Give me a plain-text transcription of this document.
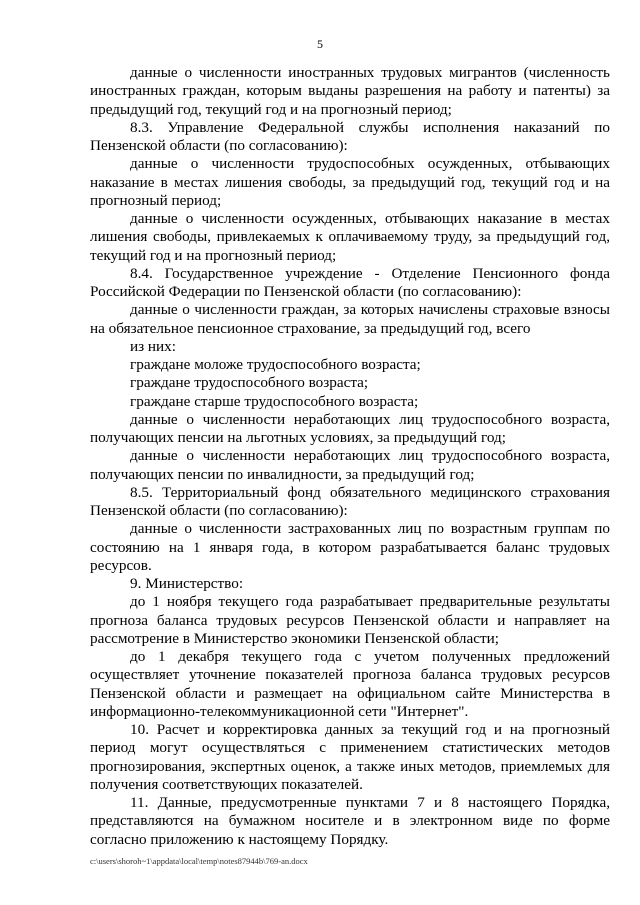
5

данные о численности иностранных трудовых мигрантов (численность иностранных граждан, которым выданы разрешения на работу и патенты) за предыдущий год, текущий год и на прогнозный период;

8.3. Управление Федеральной службы исполнения наказаний по Пензенской области (по согласованию):

данные о численности трудоспособных осужденных, отбывающих наказание в местах лишения свободы, за предыдущий год, текущий год и на прогнозный период;

данные о численности осужденных, отбывающих наказание в местах лишения свободы, привлекаемых к оплачиваемому труду, за предыдущий год, текущий год и на прогнозный период;

8.4. Государственное учреждение - Отделение Пенсионного фонда Российской Федерации по Пензенской области (по согласованию):

данные о численности граждан, за которых начислены страховые взносы на обязательное пенсионное страхование, за предыдущий год, всего

из них:

граждане моложе трудоспособного возраста;

граждане трудоспособного возраста;

граждане старше трудоспособного возраста;

данные о численности неработающих лиц трудоспособного возраста, получающих пенсии на льготных условиях, за предыдущий год;

данные о численности неработающих лиц трудоспособного возраста, получающих пенсии по инвалидности, за предыдущий год;

8.5. Территориальный фонд обязательного медицинского страхования Пензенской области (по согласованию):

данные о численности застрахованных лиц по возрастным группам по состоянию на 1 января года, в котором разрабатывается баланс трудовых ресурсов.

9. Министерство:

до 1 ноября текущего года разрабатывает предварительные результаты прогноза баланса трудовых ресурсов Пензенской области и направляет на рассмотрение в Министерство экономики Пензенской области;

до 1 декабря текущего года с учетом полученных предложений осуществляет уточнение показателей прогноза баланса трудовых ресурсов Пензенской области и размещает на официальном сайте Министерства в информационно-телекоммуникационной сети "Интернет".

10. Расчет и корректировка данных за текущий год и на прогнозный период могут осуществляться с применением статистических методов прогнозирования, экспертных оценок, а также иных методов, приемлемых для получения соответствующих показателей.

11. Данные, предусмотренные пунктами 7 и 8 настоящего Порядка, представляются на бумажном носителе и в электронном виде по форме согласно приложению к настоящему Порядку.

c:\users\shoroh~1\appdata\local\temp\notes87944b\769-an.docx
